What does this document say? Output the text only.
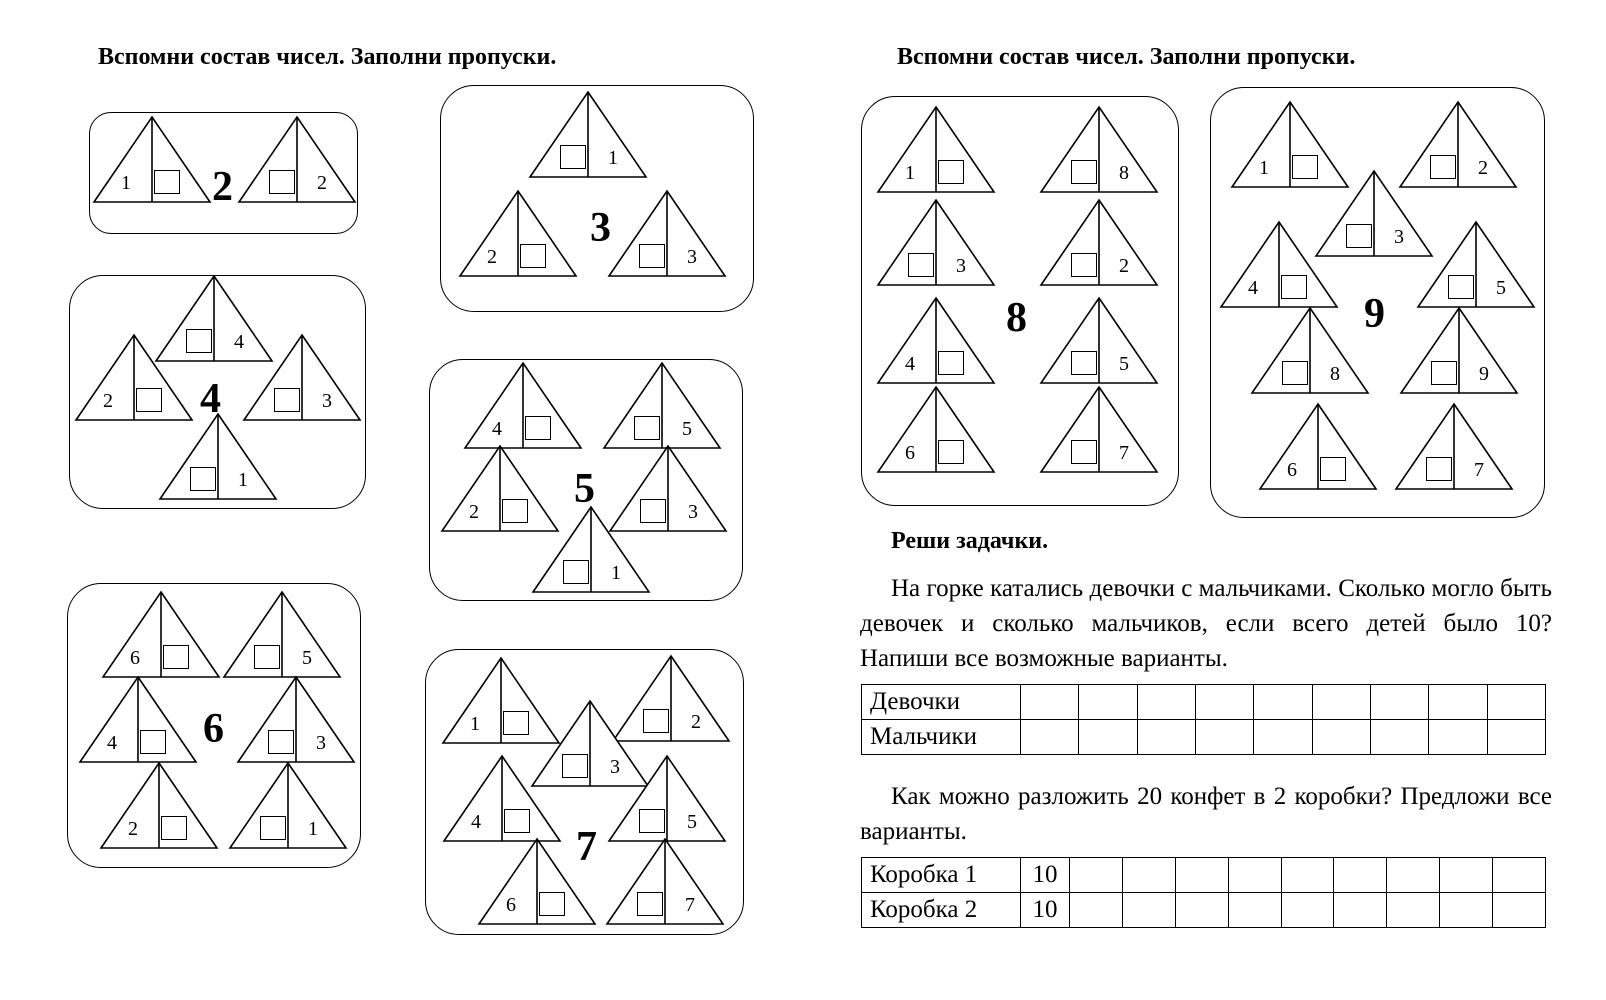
Вспомни состав чисел. Заполни пропуски.	Вспомни состав чисел. Заполни пропуски.
2
1	2
3
1
2	3
4
4
2	3
1	5
4	5
2	3
1
6
6	5
4	3
2	1	7
1	2
3
4	5
6	7
8
1	8
3	2
4	5
6	7
9
1	2
3
4	5
8	9
6	7
Реши задачки.
На горке катались девочки с мальчиками. Сколько могло быть девочек и сколько мальчиков, если всего детей было 10? Напиши все возможные варианты.
Девочки									
Мальчики									
Как можно разложить 20 конфет в 2 коробки? Предложи все варианты.
Коробка 1	10									
Коробка 2	10									
